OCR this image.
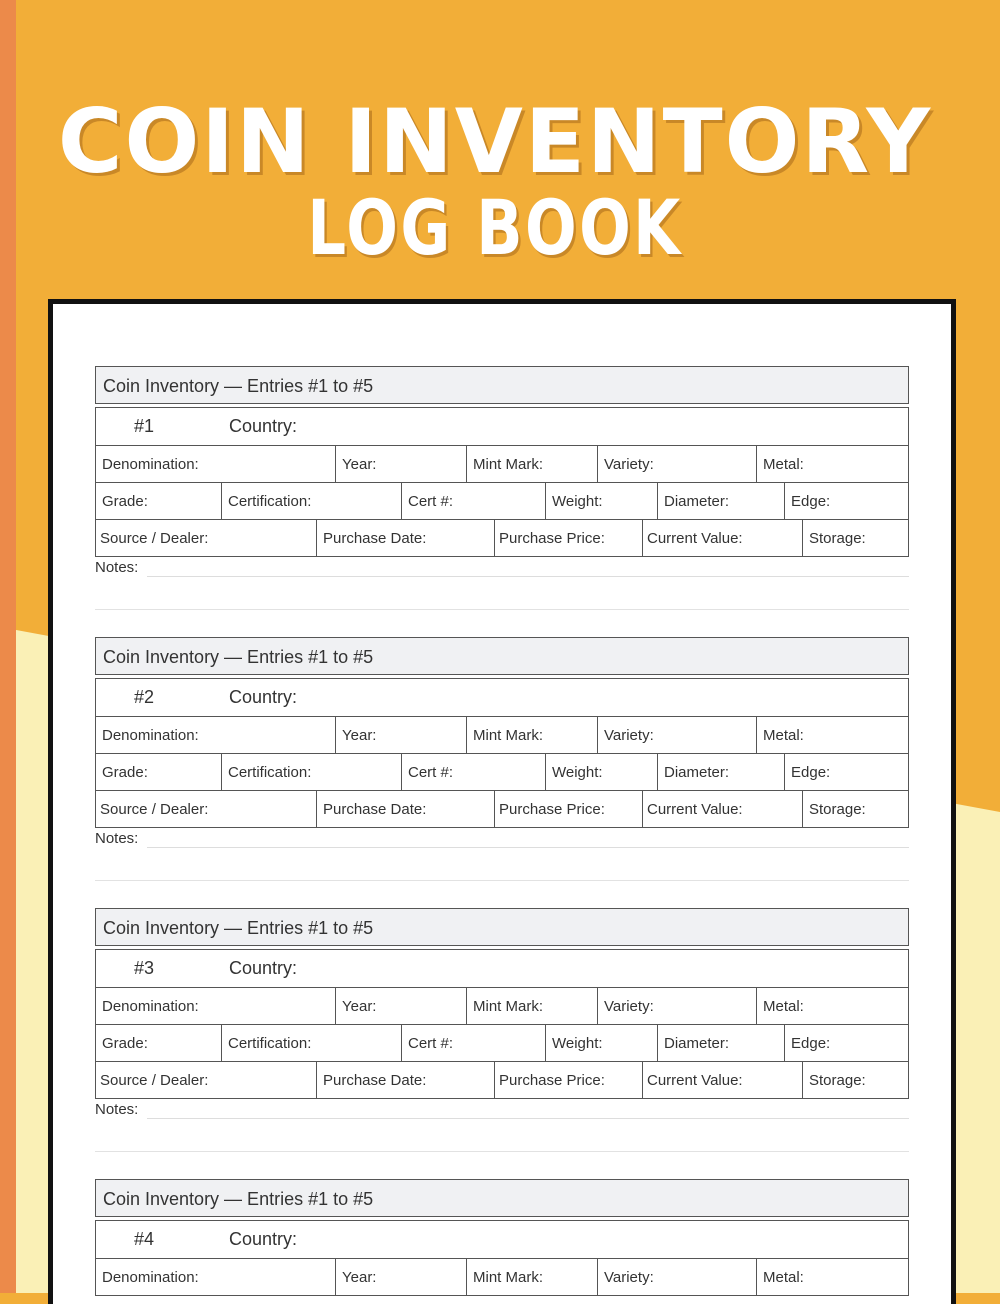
COIN INVENTORY
LOG BOOK
Coin Inventory — Entries #1 to #5
#1	Country:
Denomination:	Year:	Mint Mark:	Variety:	Metal:
Grade:	Certification:	Cert #:	Weight:	Diameter:	Edge:
Source / Dealer:	Purchase Date:	Purchase Price:	Current Value:	Storage:
Notes:
Coin Inventory — Entries #1 to #5
#2	Country:
Denomination:	Year:	Mint Mark:	Variety:	Metal:
Grade:	Certification:	Cert #:	Weight:	Diameter:	Edge:
Source / Dealer:	Purchase Date:	Purchase Price:	Current Value:	Storage:
Notes:
Coin Inventory — Entries #1 to #5
#3	Country:
Denomination:	Year:	Mint Mark:	Variety:	Metal:
Grade:	Certification:	Cert #:	Weight:	Diameter:	Edge:
Source / Dealer:	Purchase Date:	Purchase Price:	Current Value:	Storage:
Notes:
Coin Inventory — Entries #1 to #5
#4	Country:
Denomination:	Year:	Mint Mark:	Variety:	Metal:
